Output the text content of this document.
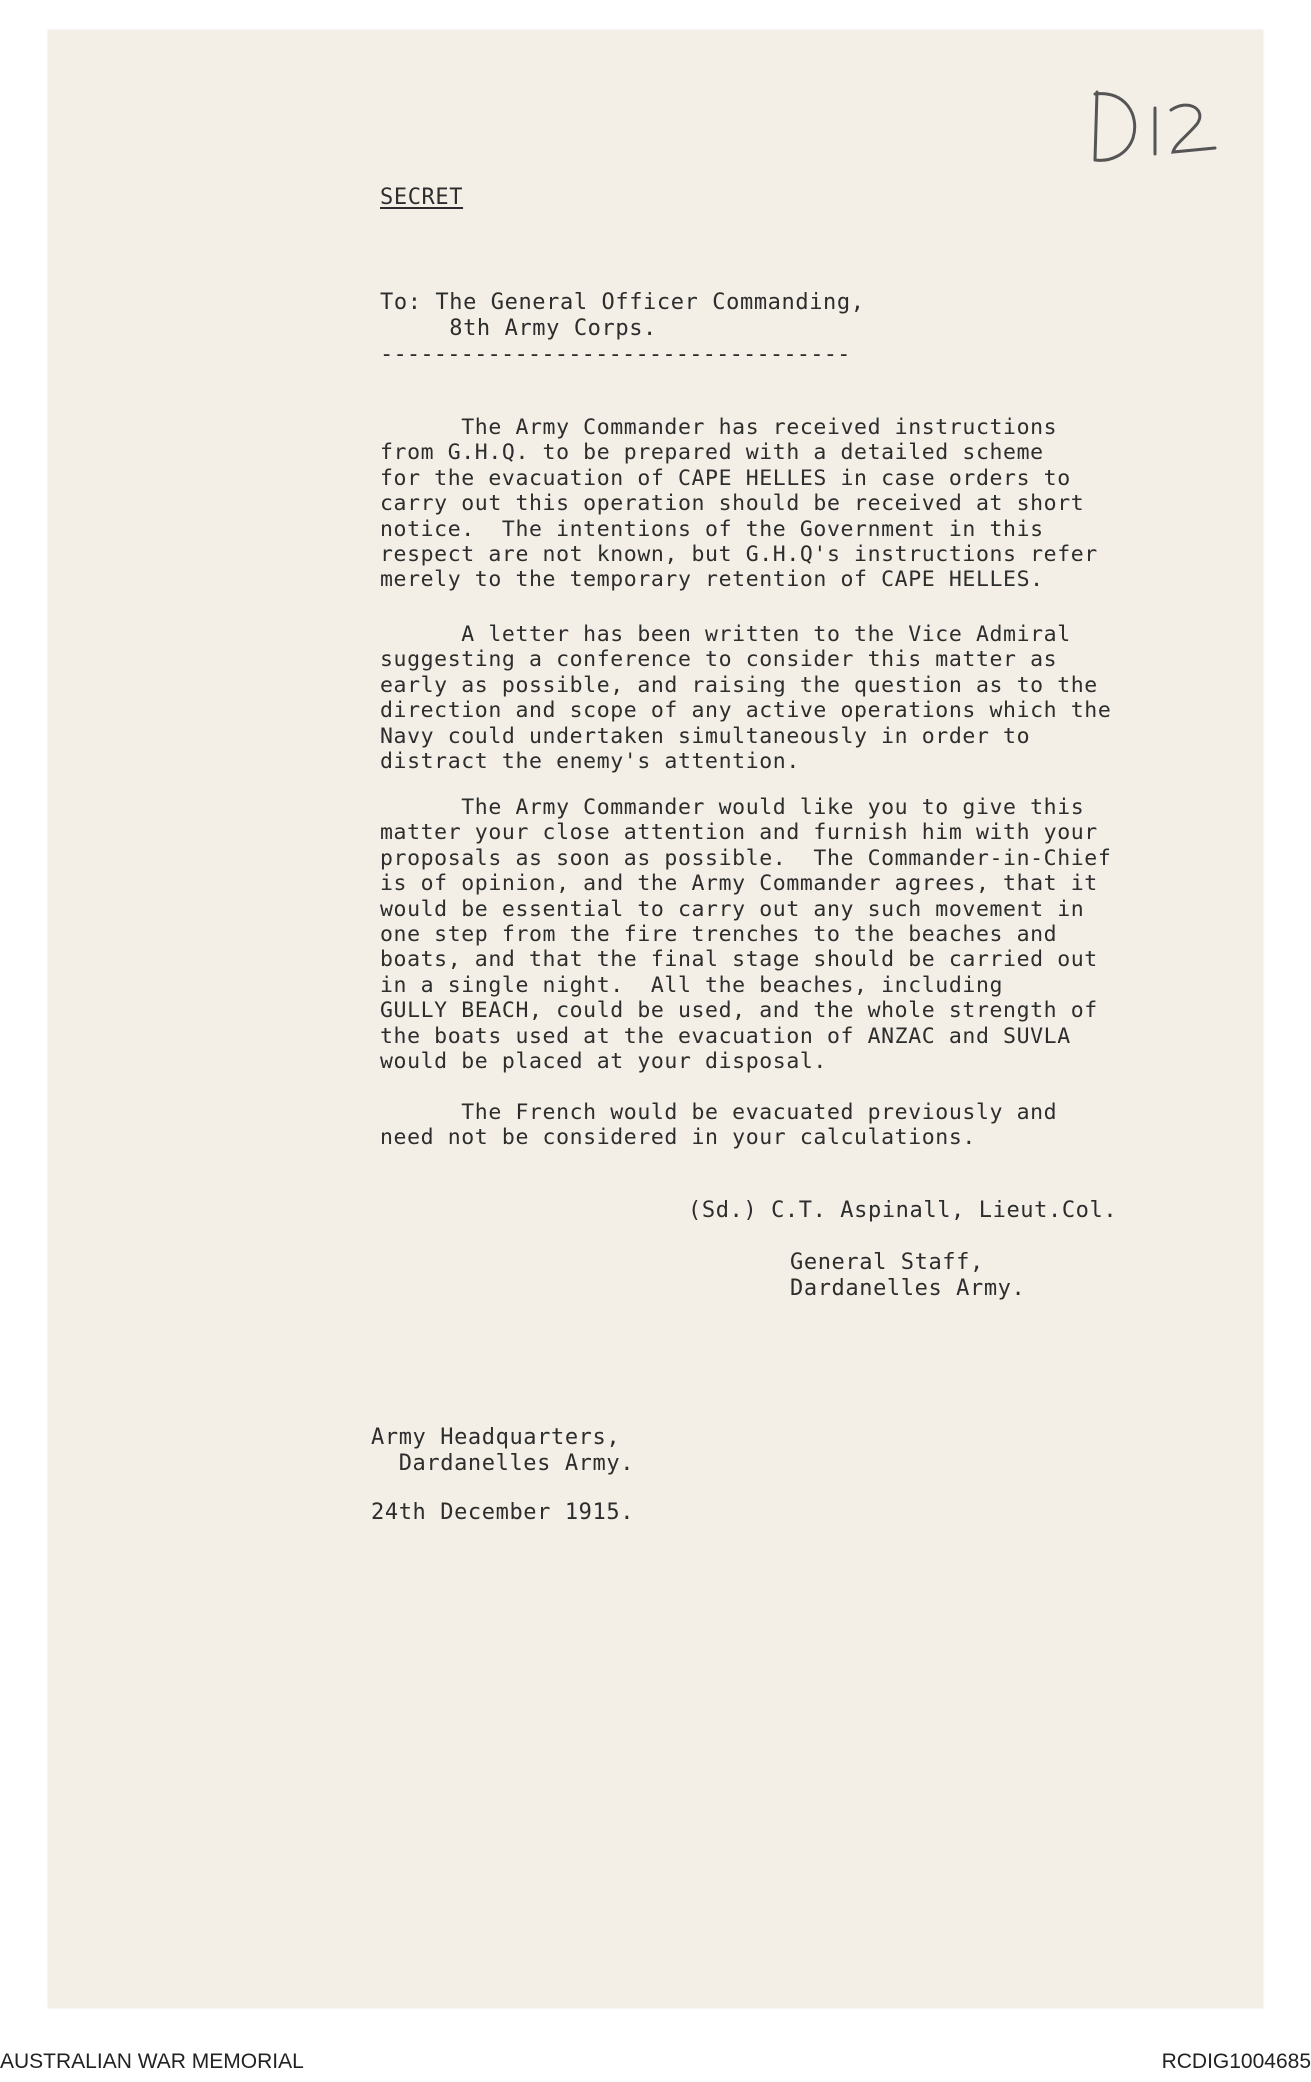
SECRET

To: The General Officer Commanding,
8th Army Corps.

-----------------------------------

The Army Commander has received instructions
from G.H.Q. to be prepared with a detailed scheme
for the evacuation of CAPE HELLES in case orders to
carry out this operation should be received at short
notice.  The intentions of the Government in this
respect are not known, but G.H.Q's instructions refer
merely to the temporary retention of CAPE HELLES.

A letter has been written to the Vice Admiral
suggesting a conference to consider this matter as
early as possible, and raising the question as to the
direction and scope of any active operations which the
Navy could undertaken simultaneously in order to
distract the enemy's attention.

The Army Commander would like you to give this
matter your close attention and furnish him with your
proposals as soon as possible.  The Commander-in-Chief
is of opinion, and the Army Commander agrees, that it
would be essential to carry out any such movement in
one step from the fire trenches to the beaches and
boats, and that the final stage should be carried out
in a single night.  All the beaches, including
GULLY BEACH, could be used, and the whole strength of
the boats used at the evacuation of ANZAC and SUVLA
would be placed at your disposal.

The French would be evacuated previously and
need not be considered in your calculations.

(Sd.) C.T. Aspinall, Lieut.Col.

General Staff,
Dardanelles Army.

Army Headquarters,
Dardanelles Army.

24th December 1915.

AUSTRALIAN WAR MEMORIAL	RCDIG1004685
